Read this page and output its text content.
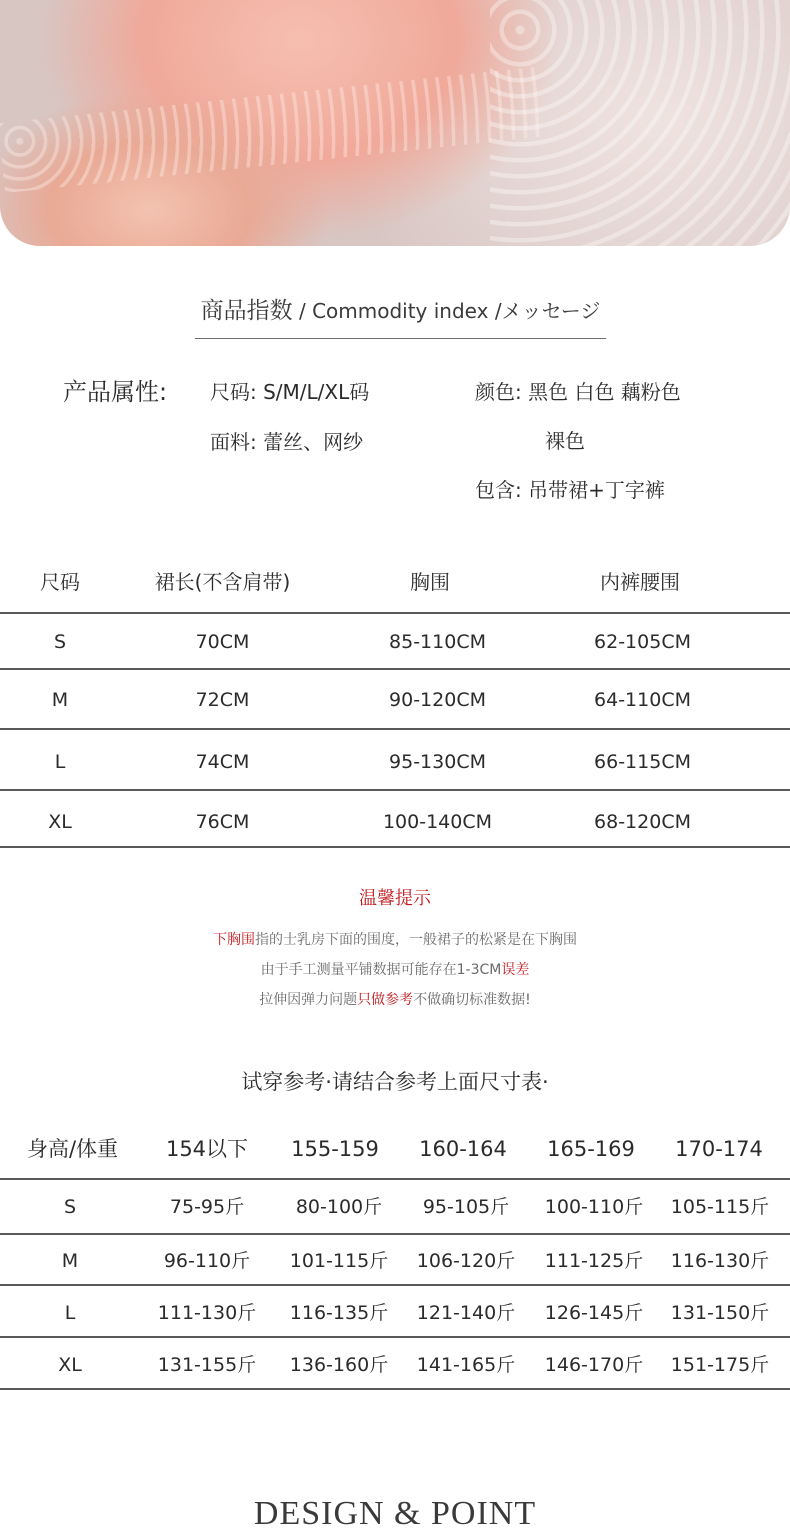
商品指数 / Commodity index /メッセージ
产品属性: 尺码: S/M/L/XL码
面料: 蕾丝、网纱
颜色: 黑色 白色 藕粉色
裸色
包含: 吊带裙+丁字裤
尺码	裙长(不含肩带)	胸围	内裤腰围
S	70CM	85-110CM	62-105CM
M	72CM	90-120CM	64-110CM
L	74CM	95-130CM	66-115CM
XL	76CM	100-140CM	68-120CM
温馨提示
下胸围指的士乳房下面的围度，一般裙子的松紧是在下胸围
由于手工测量平铺数据可能存在1-3CM误差
拉伸因弹力问题只做参考不做确切标准数据!
试穿参考·请结合参考上面尺寸表·
身高/体重	154以下	155-159	160-164	165-169	170-174
S	75-95斤	80-100斤	95-105斤	100-110斤	105-115斤
M	96-110斤	101-115斤	106-120斤	111-125斤	116-130斤
L	111-130斤	116-135斤	121-140斤	126-145斤	131-150斤
XL	131-155斤	136-160斤	141-165斤	146-170斤	151-175斤
DESIGN & POINT
